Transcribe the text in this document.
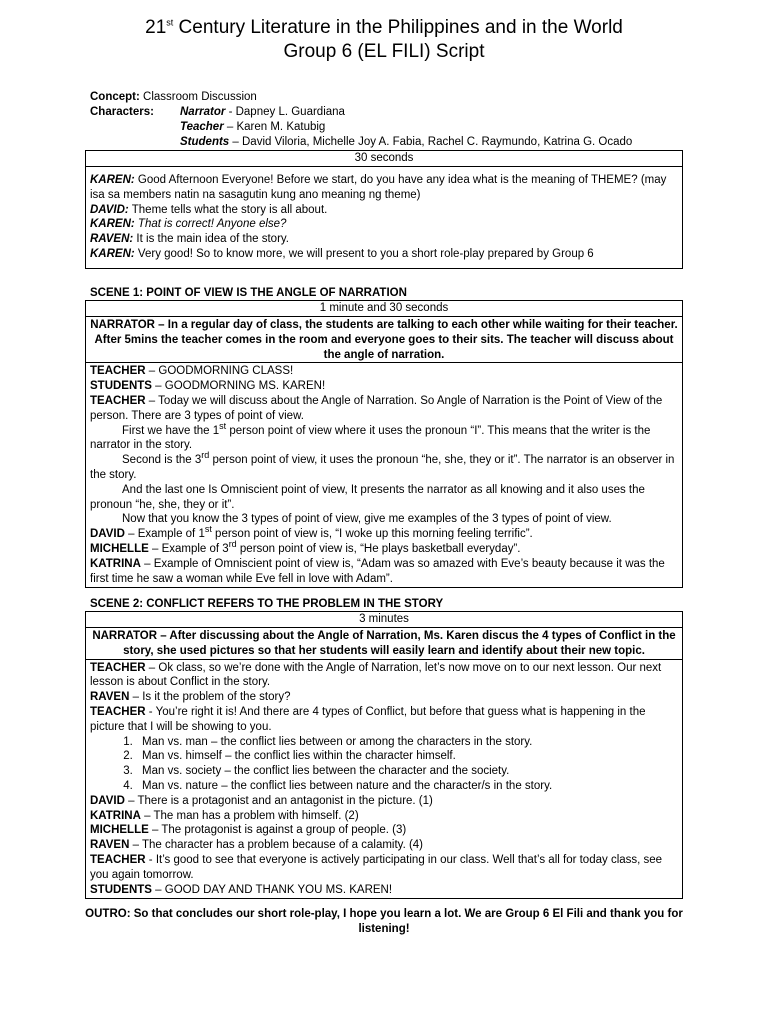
21st Century Literature in the Philippines and in the World
Group 6 (EL FILI) Script
Concept: Classroom Discussion
Characters: Narrator - Dapney L. Guardiana
Teacher – Karen M. Katubig
Students – David Viloria, Michelle Joy A. Fabia, Rachel C. Raymundo, Katrina G. Ocado
30 seconds
KAREN: Good Afternoon Everyone! Before we start, do you have any idea what is the meaning of THEME? (may isa sa members natin na sasagutin kung ano meaning ng theme)
DAVID: Theme tells what the story is all about.
KAREN: That is correct! Anyone else?
RAVEN: It is the main idea of the story.
KAREN: Very good! So to know more, we will present to you a short role-play prepared by Group 6
SCENE 1: POINT OF VIEW IS THE ANGLE OF NARRATION
1 minute and 30 seconds
NARRATOR – In a regular day of class, the students are talking to each other while waiting for their teacher. After 5mins the teacher comes in the room and everyone goes to their sits. The teacher will discuss about the angle of narration.
TEACHER – GOODMORNING CLASS!
STUDENTS – GOODMORNING MS. KAREN!
TEACHER – Today we will discuss about the Angle of Narration. So Angle of Narration is the Point of View of the person. There are 3 types of point of view.
First we have the 1st person point of view where it uses the pronoun “I”. This means that the writer is the narrator in the story.
Second is the 3rd person point of view, it uses the pronoun “he, she, they or it”. The narrator is an observer in the story.
And the last one Is Omniscient point of view, It presents the narrator as all knowing and it also uses the pronoun “he, she, they or it”.
Now that you know the 3 types of point of view, give me examples of the 3 types of point of view.
DAVID – Example of 1st person point of view is, “I woke up this morning feeling terrific”.
MICHELLE – Example of 3rd person point of view is, “He plays basketball everyday”.
KATRINA – Example of Omniscient point of view is, “Adam was so amazed with Eve’s beauty because it was the first time he saw a woman while Eve fell in love with Adam”.
SCENE 2: CONFLICT REFERS TO THE PROBLEM IN THE STORY
3 minutes
NARRATOR – After discussing about the Angle of Narration, Ms. Karen discus the 4 types of Conflict in the story, she used pictures so that her students will easily learn and identify about their new topic.
TEACHER – Ok class, so we’re done with the Angle of Narration, let’s now move on to our next lesson. Our next lesson is about Conflict in the story.
RAVEN – Is it the problem of the story?
TEACHER - You’re right it is! And there are 4 types of Conflict, but before that guess what is happening in the picture that I will be showing to you.
1. Man vs. man – the conflict lies between or among the characters in the story.
2. Man vs. himself – the conflict lies within the character himself.
3. Man vs. society – the conflict lies between the character and the society.
4. Man vs. nature – the conflict lies between nature and the character/s in the story.
DAVID – There is a protagonist and an antagonist in the picture. (1)
KATRINA – The man has a problem with himself. (2)
MICHELLE – The protagonist is against a group of people. (3)
RAVEN – The character has a problem because of a calamity. (4)
TEACHER - It’s good to see that everyone is actively participating in our class. Well that’s all for today class, see you again tomorrow.
STUDENTS – GOOD DAY AND THANK YOU MS. KAREN!
OUTRO: So that concludes our short role-play, I hope you learn a lot. We are Group 6 El Fili and thank you for listening!
